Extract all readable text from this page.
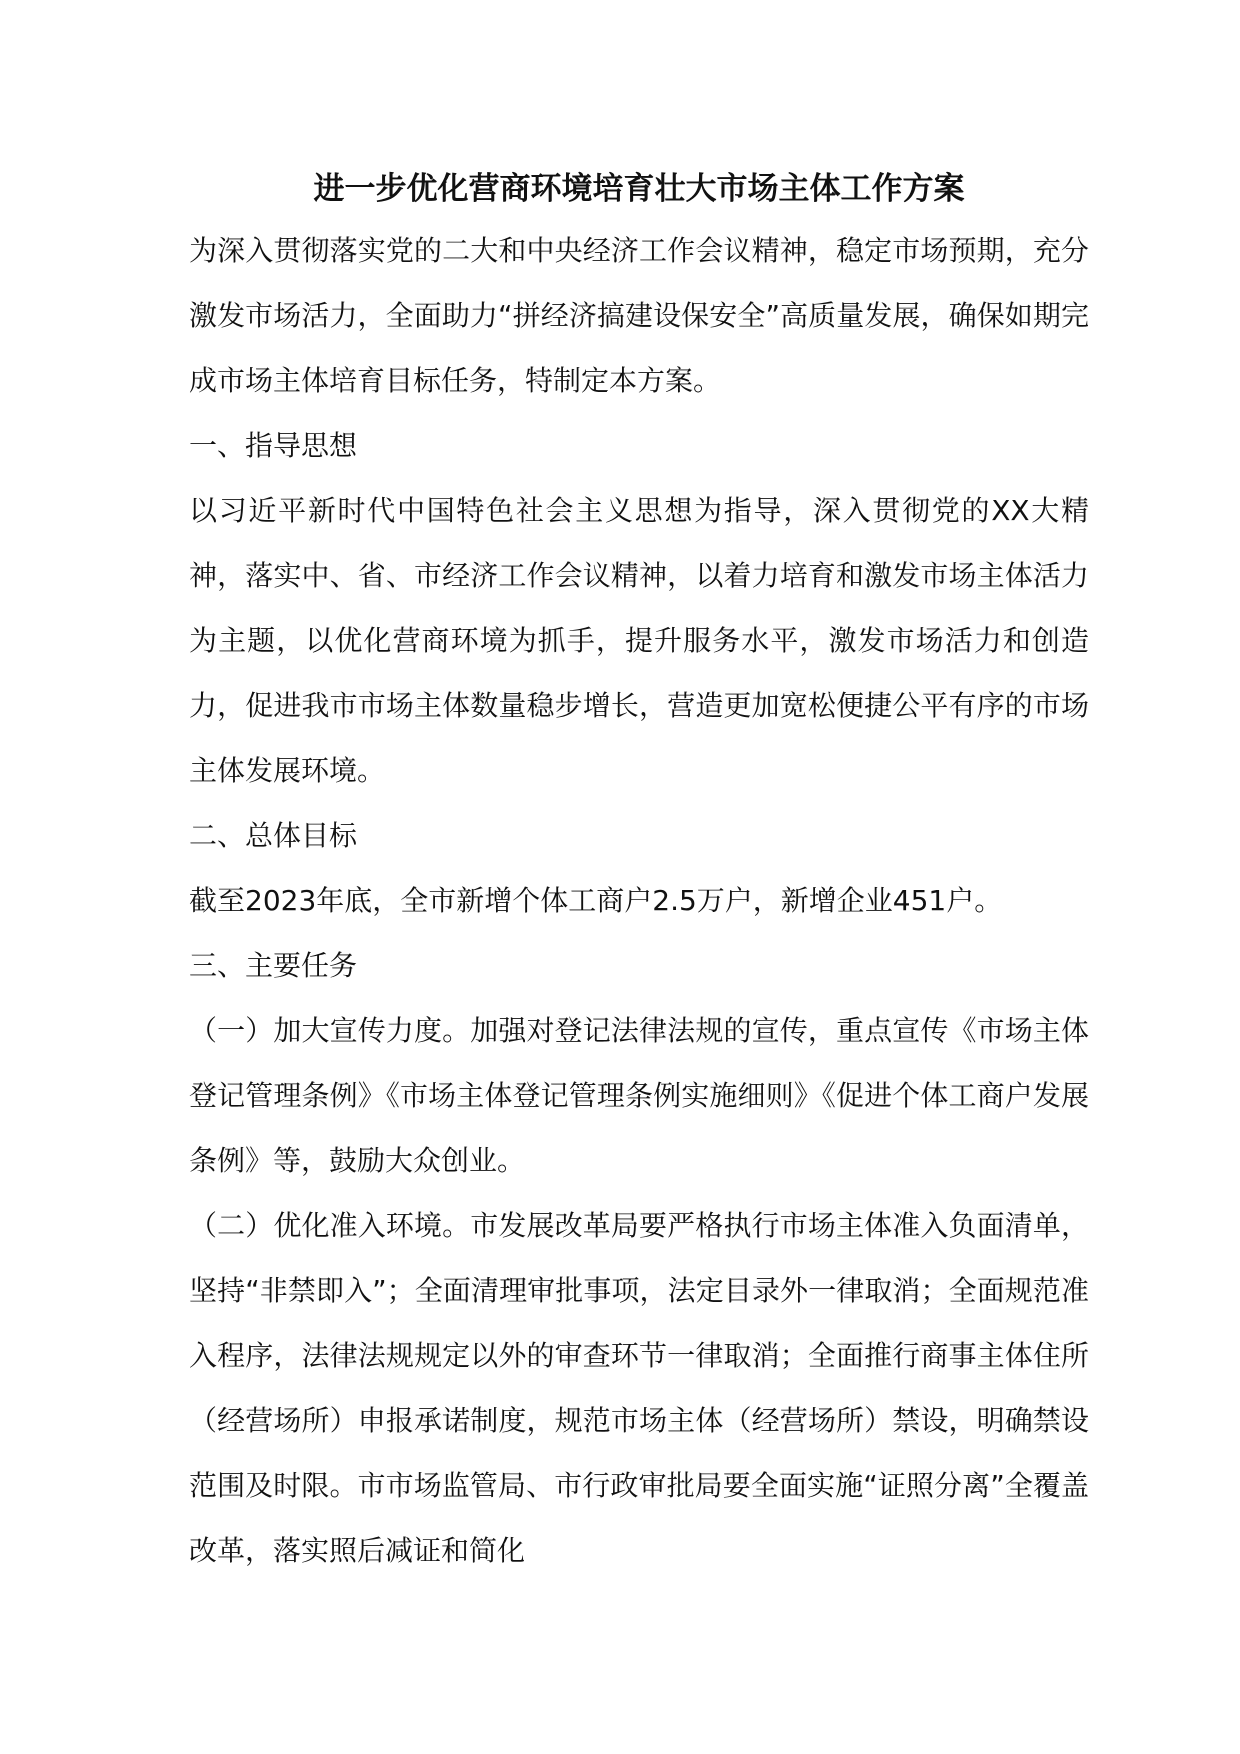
进一步优化营商环境培育壮大市场主体工作方案

为深入贯彻落实党的二大和中央经济工作会议精神，稳定市场预期，充分激发市场活力，全面助力“拼经济搞建设保安全”高质量发展，确保如期完成市场主体培育目标任务，特制定本方案。

一、指导思想

以习近平新时代中国特色社会主义思想为指导，深入贯彻党的XX大精神，落实中、省、市经济工作会议精神，以着力培育和激发市场主体活力为主题，以优化营商环境为抓手，提升服务水平，激发市场活力和创造力，促进我市市场主体数量稳步增长，营造更加宽松便捷公平有序的市场主体发展环境。

二、总体目标

截至2023年底，全市新增个体工商户2.5万户，新增企业451户。

三、主要任务

（一）加大宣传力度。加强对登记法律法规的宣传，重点宣传《市场主体登记管理条例》《市场主体登记管理条例实施细则》《促进个体工商户发展条例》等，鼓励大众创业。

（二）优化准入环境。市发展改革局要严格执行市场主体准入负面清单，坚持“非禁即入”；全面清理审批事项，法定目录外一律取消；全面规范准入程序，法律法规规定以外的审查环节一律取消；全面推行商事主体住所（经营场所）申报承诺制度，规范市场主体（经营场所）禁设，明确禁设范围及时限。市市场监管局、市行政审批局要全面实施“证照分离”全覆盖改革，落实照后减证和简化
